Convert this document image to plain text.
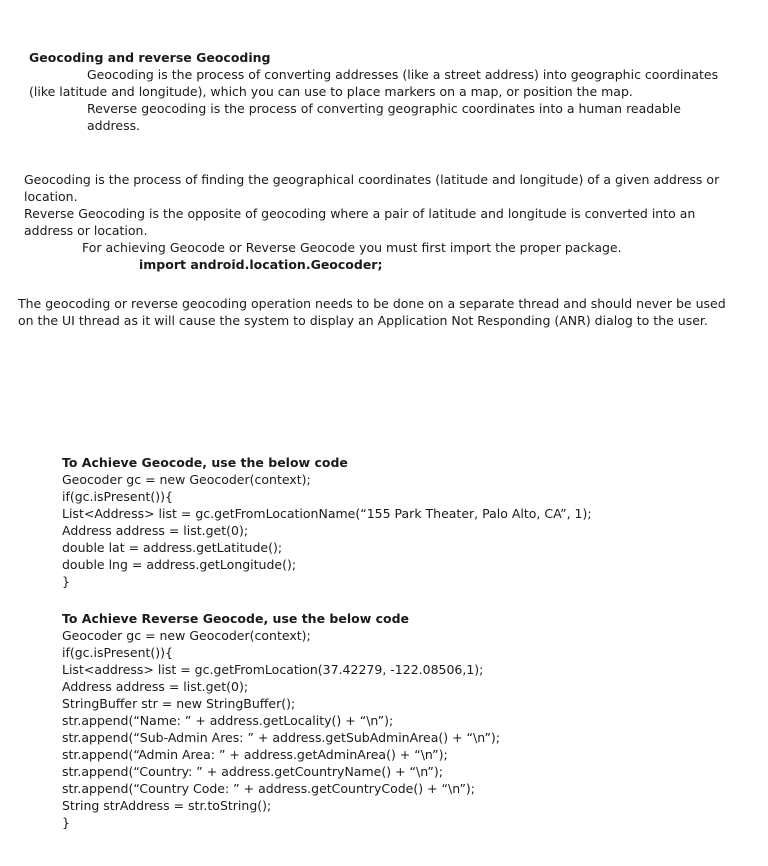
Geocoding and reverse Geocoding
Geocoding is the process of converting addresses (like a street address) into geographic coordinates (like latitude and longitude), which you can use to place markers on a map, or position the map.
Reverse geocoding is the process of converting geographic coordinates into a human readable address.
Geocoding is the process of finding the geographical coordinates (latitude and longitude) of a given address or location.
Reverse Geocoding is the opposite of geocoding where a pair of latitude and longitude is converted into an address or location.
For achieving Geocode or Reverse Geocode you must first import the proper package.
import android.location.Geocoder;
The geocoding or reverse geocoding operation needs to be done on a separate thread and should never be used on the UI thread as it will cause the system to display an Application Not Responding (ANR) dialog to the user.
To Achieve Geocode, use the below code
Geocoder gc = new Geocoder(context);
if(gc.isPresent()){
List<Address> list = gc.getFromLocationName(“155 Park Theater, Palo Alto, CA”, 1);
Address address = list.get(0);
double lat = address.getLatitude();
double lng = address.getLongitude();
}
To Achieve Reverse Geocode, use the below code
Geocoder gc = new Geocoder(context);
if(gc.isPresent()){
List<address> list = gc.getFromLocation(37.42279, -122.08506,1);
Address address = list.get(0);
StringBuffer str = new StringBuffer();
str.append(“Name: ” + address.getLocality() + “\n”);
str.append(“Sub-Admin Ares: ” + address.getSubAdminArea() + “\n”);
str.append(“Admin Area: ” + address.getAdminArea() + “\n”);
str.append(“Country: ” + address.getCountryName() + “\n”);
str.append(“Country Code: ” + address.getCountryCode() + “\n”);
String strAddress = str.toString();
}
